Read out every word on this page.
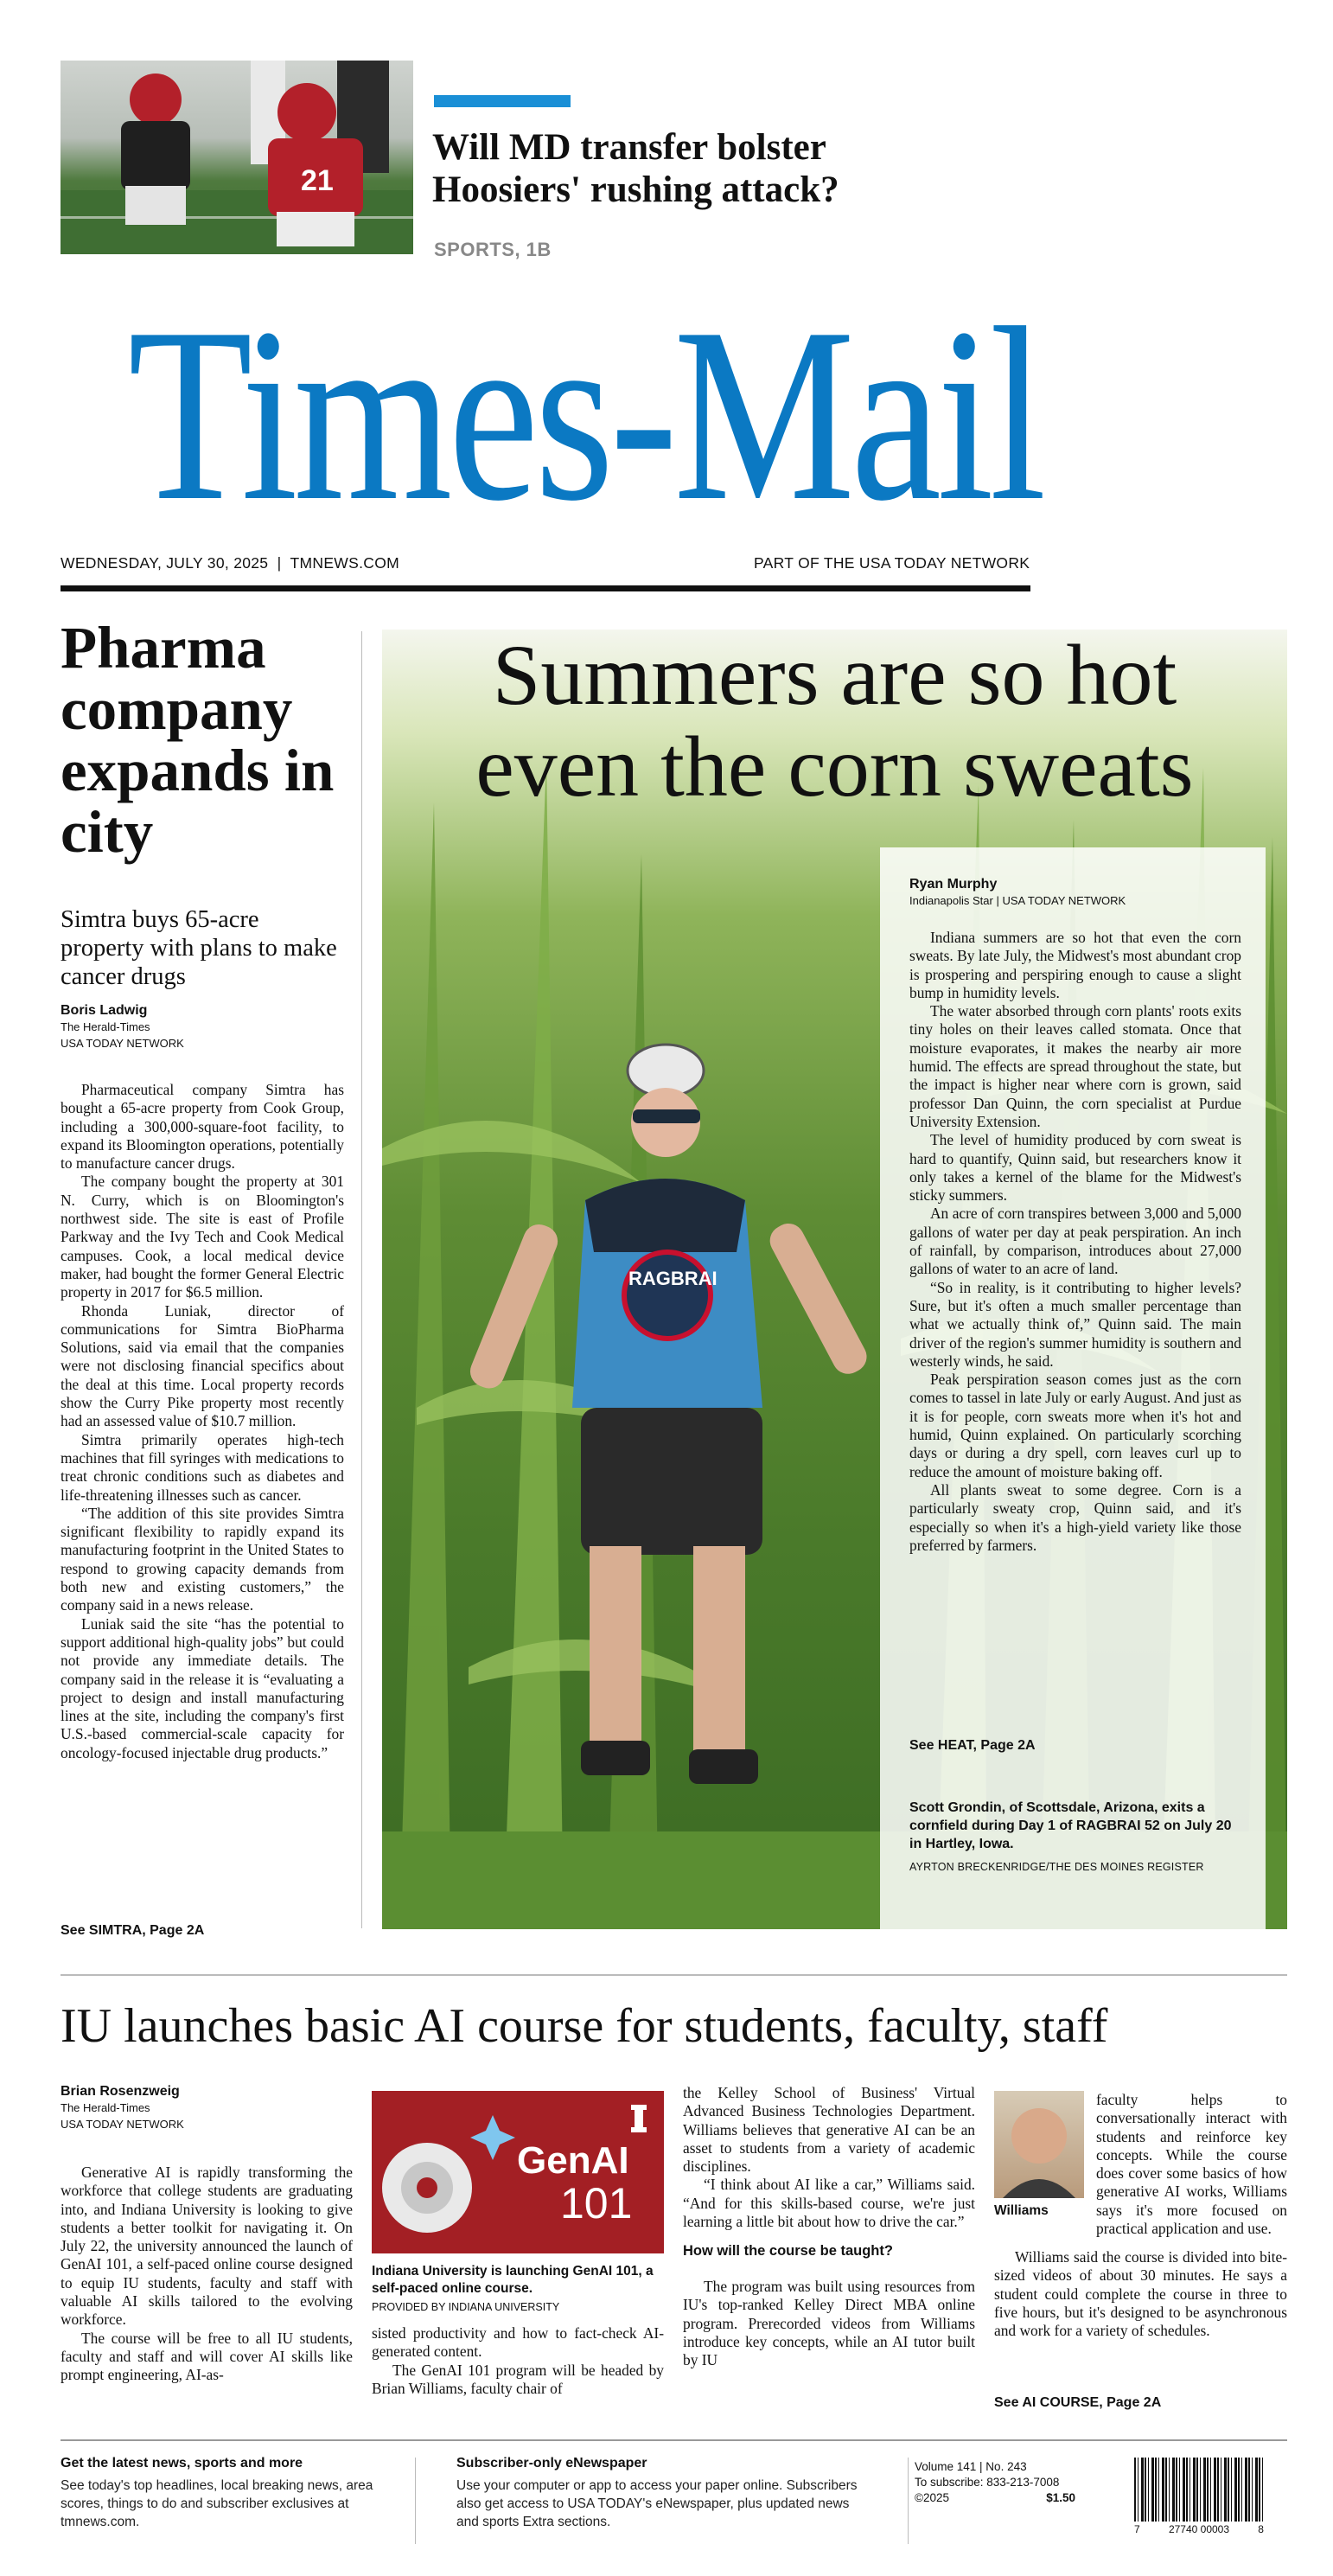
21
Will MD transfer bolster Hoosiers' rushing attack?
SPORTS, 1B
Times-Mail
WEDNESDAY, JULY 30, 2025  |  TMNEWS.COM	PART OF THE USA TODAY NETWORK
Pharma company expands in city
Simtra buys 65-acre property with plans to make cancer drugs
Boris Ladwig
The Herald-Times
USA TODAY NETWORK

Pharmaceutical company Simtra has bought a 65-acre property from Cook Group, including a 300,000-square-foot facility, to expand its Bloomington operations, potentially to manufacture cancer drugs.

The company bought the property at 301 N. Curry, which is on Bloomington's northwest side. The site is east of Profile Parkway and the Ivy Tech and Cook Medical campuses. Cook, a local medical device maker, had bought the former General Electric property in 2017 for $6.5 million.

Rhonda Luniak, director of communications for Simtra BioPharma Solutions, said via email that the companies were not disclosing financial specifics about the deal at this time. Local property records show the Curry Pike property most recently had an assessed value of $10.7 million.

Simtra primarily operates high-tech machines that fill syringes with medications to treat chronic conditions such as diabetes and life-threatening illnesses such as cancer.

“The addition of this site provides Simtra significant flexibility to rapidly expand its manufacturing footprint in the United States to respond to growing capacity demands from both new and existing customers,” the company said in a news release.

Luniak said the site “has the potential to support additional high-quality jobs” but could not provide any immediate details. The company said in the release it is “evaluating a project to design and install manufacturing lines at the site, including the company's first U.S.-based commercial-scale capacity for oncology-focused injectable drug products.”

See SIMTRA, Page 2A
RAGBRAI
Summers are so hot
even the corn sweats
Ryan Murphy
Indianapolis Star | USA TODAY NETWORK

Indiana summers are so hot that even the corn sweats. By late July, the Midwest's most abundant crop is prospering and perspiring enough to cause a slight bump in humidity levels.

The water absorbed through corn plants' roots exits tiny holes on their leaves called stomata. Once that moisture evaporates, it makes the nearby air more humid. The effects are spread throughout the state, but the impact is higher near where corn is grown, said professor Dan Quinn, the corn specialist at Purdue University Extension.

The level of humidity produced by corn sweat is hard to quantify, Quinn said, but researchers know it only takes a kernel of the blame for the Midwest's sticky summers.

An acre of corn transpires between 3,000 and 5,000 gallons of water per day at peak perspiration. An inch of rainfall, by comparison, introduces about 27,000 gallons of water to an acre of land.

“So in reality, is it contributing to higher levels? Sure, but it's often a much smaller percentage than what we actually think of,” Quinn said. The main driver of the region's summer humidity is southern and westerly winds, he said.

Peak perspiration season comes just as the corn comes to tassel in late July or early August. And just as it is for people, corn sweats more when it's hot and humid, Quinn explained. On particularly scorching days or during a dry spell, corn leaves curl up to reduce the amount of moisture baking off.

All plants sweat to some degree. Corn is a particularly sweaty crop, Quinn said, and it's especially so when it's a high-yield variety like those preferred by farmers.

See HEAT, Page 2A
Scott Grondin, of Scottsdale, Arizona, exits a cornfield during Day 1 of RAGBRAI 52 on July 20 in Hartley, Iowa.
AYRTON BRECKENRIDGE/THE DES MOINES REGISTER
IU launches basic AI course for students, faculty, staff
Brian Rosenzweig
The Herald-Times
USA TODAY NETWORK

Generative AI is rapidly transforming the workforce that college students are graduating into, and Indiana University is looking to give students a better toolkit for navigating it. On July 22, the university announced the launch of GenAI 101, a self-paced online course designed to equip IU students, faculty and staff with valuable AI skills tailored to the evolving workforce.

The course will be free to all IU students, faculty and staff and will cover AI skills like prompt engineering, AI-as-

GenAI
101
Indiana University is launching GenAI 101, a self-paced online course.
PROVIDED BY INDIANA UNIVERSITY

sisted productivity and how to fact-check AI-generated content.

The GenAI 101 program will be headed by Brian Williams, faculty chair of

the Kelley School of Business' Virtual Advanced Business Technologies Department. Williams believes that generative AI can be an asset to students from a variety of academic disciplines.

“I think about AI like a car,” Williams said. “And for this skills-based course, we're just learning a little bit about how to drive the car.”

How will the course be taught?

The program was built using resources from IU's top-ranked Kelley Direct MBA online program. Prerecorded videos from Williams introduce key concepts, while an AI tutor built by IU

Williams

faculty helps to conversationally interact with students and reinforce key concepts. While the course does cover some basics of how generative AI works, Williams says it's more focused on practical application and use.

Williams said the course is divided into bite-sized videos of about 30 minutes. He says a student could complete the course in three to five hours, but it's designed to be asynchronous and work for a variety of schedules.

See AI COURSE, Page 2A
Get the latest news, sports and more

See today's top headlines, local breaking news, area scores, things to do and subscriber exclusives at tmnews.com.

Subscriber-only eNewspaper

Use your computer or app to access your paper online. Subscribers also get access to USA TODAY's eNewspaper, plus updated news and sports Extra sections.

Volume 141 | No. 243
To subscribe: 833-213-7008
©2025	$1.50
7	27740 00003	8
